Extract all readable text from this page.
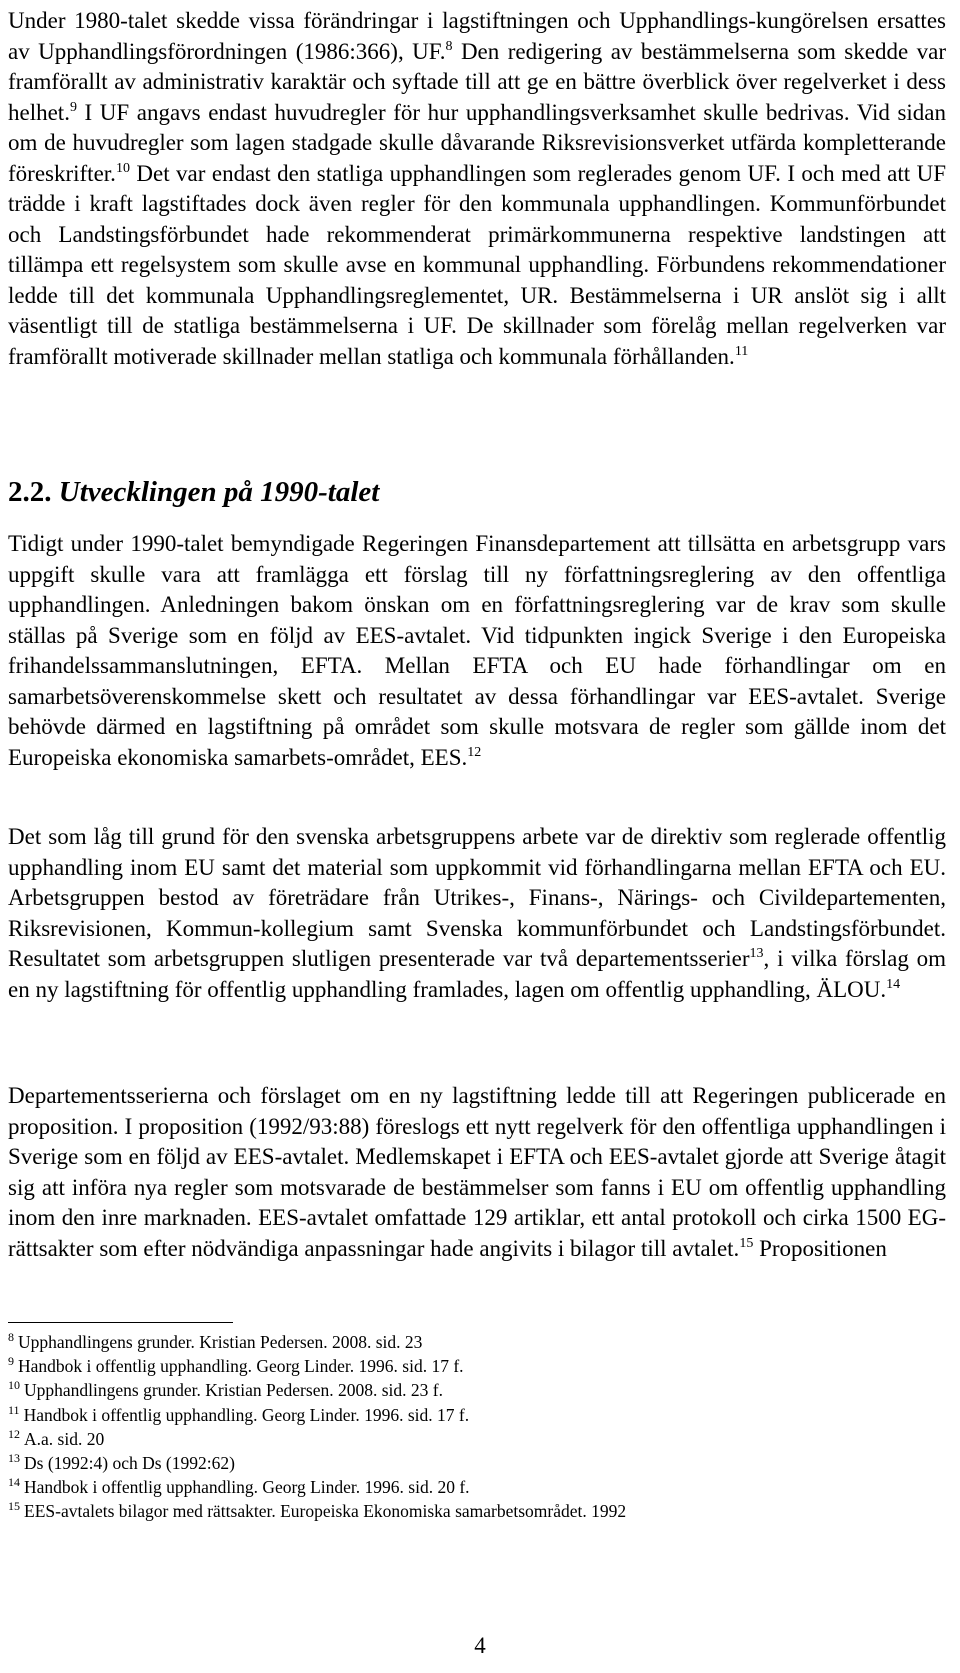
Under 1980-talet skedde vissa förändringar i lagstiftningen och Upphandlings-kungörelsen ersattes av Upphandlingsförordningen (1986:366), UF.$^8$ Den redigering av bestämmelserna som skedde var framförallt av administrativ karaktär och syftade till att ge en bättre överblick över regelverket i dess helhet.$^9$ I UF angavs endast huvudregler för hur upphandlingsverksamhet skulle bedrivas. Vid sidan om de huvudregler som lagen stadgade skulle dåvarande Riksrevisionsverket utfärda kompletterande föreskrifter.$^{10}$ Det var endast den statliga upphandlingen som reglerades genom UF. I och med att UF trädde i kraft lagstiftades dock även regler för den kommunala upphandlingen. Kommunförbundet och Landstingsförbundet hade rekommenderat primärkommunerna respektive landstingen att tillämpa ett regelsystem som skulle avse en kommunal upphandling. Förbundens rekommendationer ledde till det kommunala Upphandlingsreglementet, UR. Bestämmelserna i UR anslöt sig i allt väsentligt till de statliga bestämmelserna i UF. De skillnader som förelåg mellan regelverken var framförallt motiverade skillnader mellan statliga och kommunala förhållanden.$^{11}$

2.2. Utvecklingen på 1990-talet

Tidigt under 1990-talet bemyndigade Regeringen Finansdepartement att tillsätta en arbetsgrupp vars uppgift skulle vara att framlägga ett förslag till ny författningsreglering av den offentliga upphandlingen. Anledningen bakom önskan om en författningsreglering var de krav som skulle ställas på Sverige som en följd av EES-avtalet. Vid tidpunkten ingick Sverige i den Europeiska frihandelssammanslutningen, EFTA. Mellan EFTA och EU hade förhandlingar om en samarbetsöverenskommelse skett och resultatet av dessa förhandlingar var EES-avtalet. Sverige behövde därmed en lagstiftning på området som skulle motsvara de regler som gällde inom det Europeiska ekonomiska samarbets-området, EES.$^{12}$

Det som låg till grund för den svenska arbetsgruppens arbete var de direktiv som reglerade offentlig upphandling inom EU samt det material som uppkommit vid förhandlingarna mellan EFTA och EU. Arbetsgruppen bestod av företrädare från Utrikes-, Finans-, Närings- och Civildepartementen, Riksrevisionen, Kommun-kollegium samt Svenska kommunförbundet och Landstingsförbundet. Resultatet som arbetsgruppen slutligen presenterade var två departementsserier$^{13}$, i vilka förslag om en ny lagstiftning för offentlig upphandling framlades, lagen om offentlig upphandling, ÄLOU.$^{14}$

Departementsserierna och förslaget om en ny lagstiftning ledde till att Regeringen publicerade en proposition. I proposition (1992/93:88) föreslogs ett nytt regelverk för den offentliga upphandlingen i Sverige som en följd av EES-avtalet. Medlemskapet i EFTA och EES-avtalet gjorde att Sverige åtagit sig att införa nya regler som motsvarade de bestämmelser som fanns i EU om offentlig upphandling inom den inre marknaden. EES-avtalet omfattade 129 artiklar, ett antal protokoll och cirka 1500 EG-rättsakter som efter nödvändiga anpassningar hade angivits i bilagor till avtalet.$^{15}$ Propositionen

$^8$ Upphandlingens grunder. Kristian Pedersen. 2008. sid. 23
$^9$ Handbok i offentlig upphandling. Georg Linder. 1996. sid. 17 f.
$^{10}$ Upphandlingens grunder. Kristian Pedersen. 2008. sid. 23 f.
$^{11}$ Handbok i offentlig upphandling. Georg Linder. 1996. sid. 17 f.
$^{12}$ A.a. sid. 20
$^{13}$ Ds (1992:4) och Ds (1992:62)
$^{14}$ Handbok i offentlig upphandling. Georg Linder. 1996. sid. 20 f.
$^{15}$ EES-avtalets bilagor med rättsakter. Europeiska Ekonomiska samarbetsområdet. 1992
4
